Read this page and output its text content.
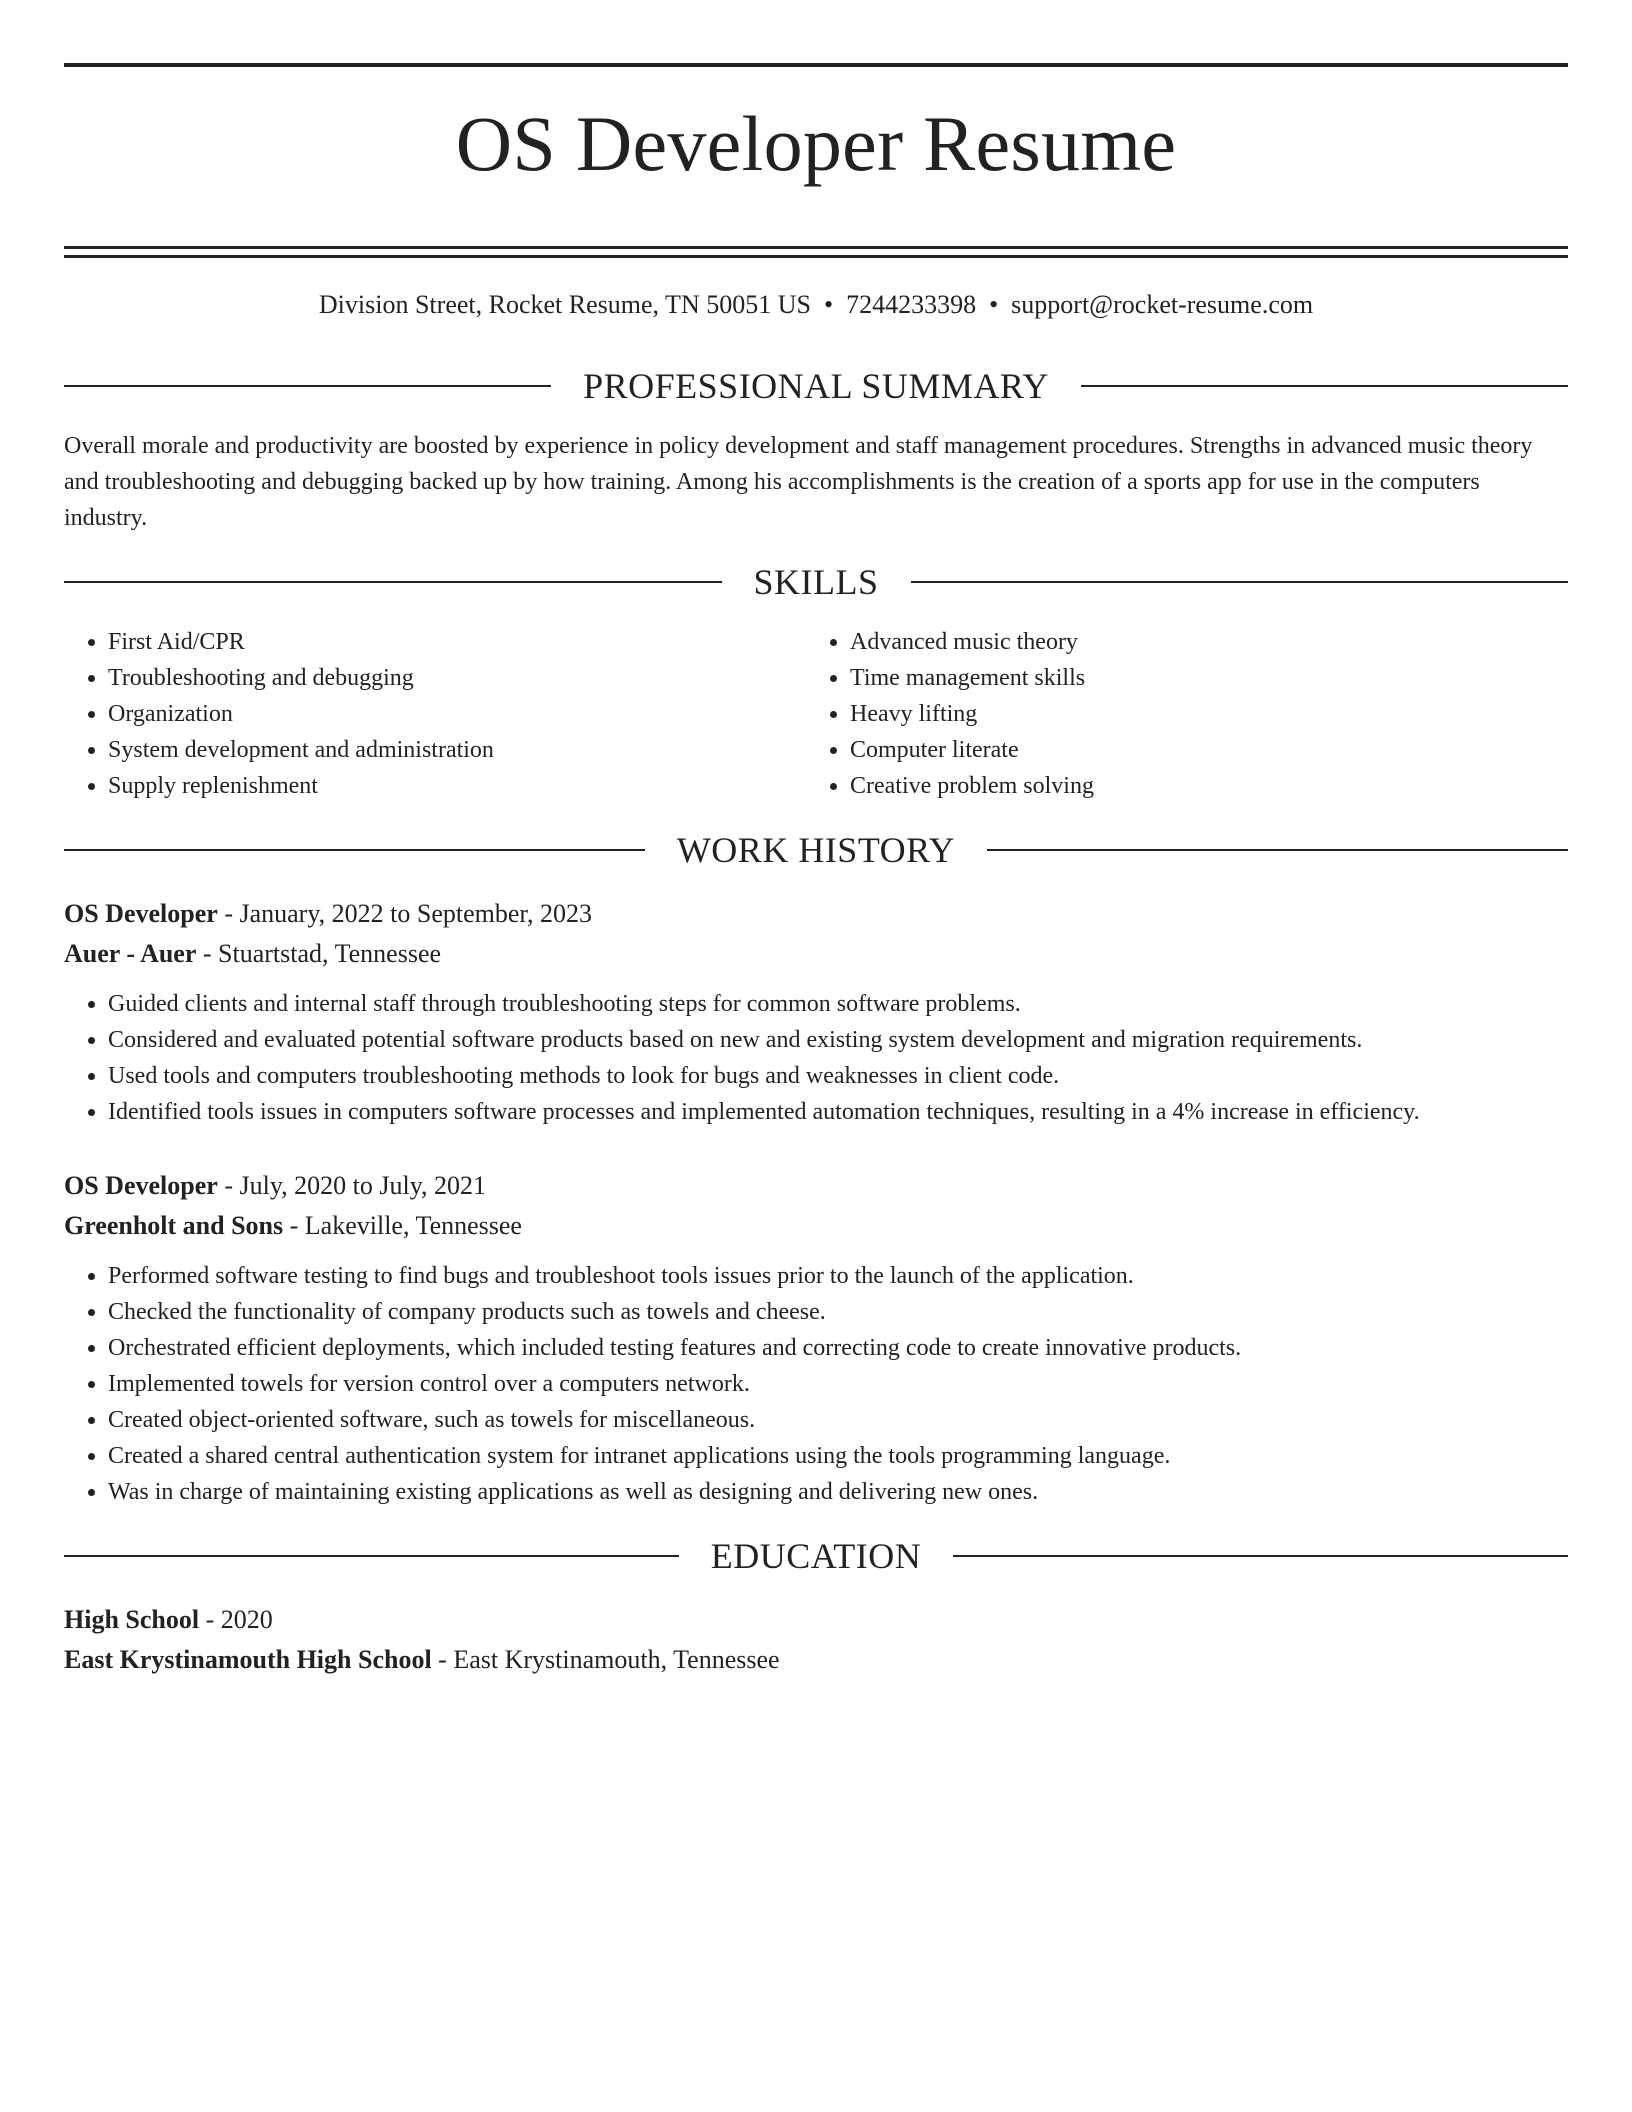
OS Developer Resume
Division Street, Rocket Resume, TN 50051 US • 7244233398 • support@rocket-resume.com
PROFESSIONAL SUMMARY

Overall morale and productivity are boosted by experience in policy development and staff management procedures. Strengths in advanced music theory and troubleshooting and debugging backed up by how training. Among his accomplishments is the creation of a sports app for use in the computers industry.

SKILLS
• First Aid/CPR
• Troubleshooting and debugging
• Organization
• System development and administration
• Supply replenishment
• Advanced music theory
• Time management skills
• Heavy lifting
• Computer literate
• Creative problem solving
WORK HISTORY
OS Developer - January, 2022 to September, 2023
Auer - Auer - Stuartstad, Tennessee
• Guided clients and internal staff through troubleshooting steps for common software problems.
• Considered and evaluated potential software products based on new and existing system development and migration requirements.
• Used tools and computers troubleshooting methods to look for bugs and weaknesses in client code.
• Identified tools issues in computers software processes and implemented automation techniques, resulting in a 4% increase in efficiency.
OS Developer - July, 2020 to July, 2021
Greenholt and Sons - Lakeville, Tennessee
• Performed software testing to find bugs and troubleshoot tools issues prior to the launch of the application.
• Checked the functionality of company products such as towels and cheese.
• Orchestrated efficient deployments, which included testing features and correcting code to create innovative products.
• Implemented towels for version control over a computers network.
• Created object-oriented software, such as towels for miscellaneous.
• Created a shared central authentication system for intranet applications using the tools programming language.
• Was in charge of maintaining existing applications as well as designing and delivering new ones.
EDUCATION
High School - 2020
East Krystinamouth High School - East Krystinamouth, Tennessee
